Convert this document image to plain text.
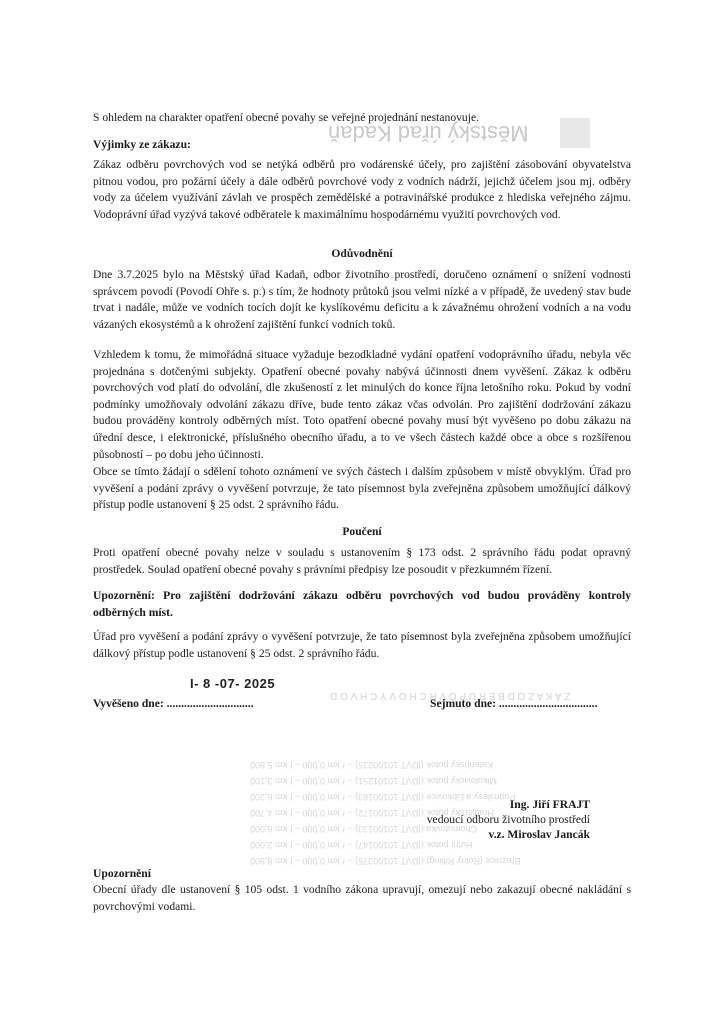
Městský úřad Kadaň
Z Á K A Z O D B Ě R U P O V R C H O V Ý C H V O D
Kateřinský potok (IDVT 10100235) – ř.km 0,000 – ř.km 5,800
Mikulovický potok (IDVT 10101251) – ř.km 0,000 – ř.km 3,100
Podmilesy a Libkovice (IDVT 10100163) – ř.km 0,000 – ř.km 6,200
Hradišťský potok (IDVT 10100172) – ř.km 0,000 – ř.km 4,700
Chomutovka (IDVT 10100133) – ř.km 0,000 – ř.km 6,000
Hutní potok (IDVT 10100147) – ř.km 0,000 – ř.km 2,000
Březnice (Rolný Rifling) (IDVT 10100375) – ř.km 0,000 – ř.km 8,800
S ohledem na charakter opatření obecné povahy se veřejné projednání nestanovuje.
Výjimky ze zákazu:
Zákaz odběru povrchových vod se netýká odběrů pro vodárenské účely, pro zajištění zásobování obyvatelstva pitnou vodou, pro požární účely a dále odběrů povrchové vody z vodních nádrží, jejichž účelem jsou mj. odběry vody za účelem využívání závlah ve prospěch zemědělské a potravinářské produkce z hlediska veřejného zájmu. Vodoprávní úřad vyzývá takové odběratele k maximálnímu hospodárnému využití povrchových vod.
Odůvodnění
Dne 3.7.2025 bylo na Městský úřad Kadaň, odbor životního prostředí, doručeno oznámení o snížení vodnosti správcem povodí (Povodí Ohře s. p.) s tím, že hodnoty průtoků jsou velmi nízké a v případě, že uvedený stav bude trvat i nadále, může ve vodních tocích dojít ke kyslíkovému deficitu a k závažnému ohrožení vodních a na vodu vázaných ekosystémů a k ohrožení zajištění funkcí vodních toků.
Vzhledem k tomu, že mimořádná situace vyžaduje bezodkladné vydání opatření vodoprávního úřadu, nebyla věc projednána s dotčenými subjekty. Opatření obecné povahy nabývá účinnosti dnem vyvěšení. Zákaz k odběru povrchových vod platí do odvolání, dle zkušeností z let minulých do konce října letošního roku. Pokud by vodní podmínky umožňovaly odvolání zákazu dříve, bude tento zákaz včas odvolán. Pro zajištění dodržování zákazu budou prováděny kontroly odběrných míst. Toto opatření obecné povahy musí být vyvěšeno po dobu zákazu na úřední desce, i elektronické, příslušného obecního úřadu, a to ve všech částech každé obce a obce s rozšířenou působností – po dobu jeho účinnosti.
Obce se tímto žádají o sdělení tohoto oznámení ve svých částech i dalším způsobem v místě obvyklým. Úřad pro vyvěšení a podání zprávy o vyvěšení potvrzuje, že tato písemnost byla zveřejněna způsobem umožňující dálkový přístup podle ustanovení § 25 odst. 2 správního řádu.
Poučení
Proti opatření obecné povahy nelze v souladu s ustanovením § 173 odst. 2 správního řádu podat opravný prostředek. Soulad opatření obecné povahy s právními předpisy lze posoudit v přezkumném řízení.
Upozornění: Pro zajištění dodržování zákazu odběru povrchových vod budou prováděny kontroly odběrných míst.
Úřad pro vyvěšení a podání zprávy o vyvěšení potvrzuje, že tato písemnost byla zveřejněna způsobem umožňující dálkový přístup podle ustanovení § 25 odst. 2 správního řádu.
I- 8 -07- 2025
Vyvěšeno dne: ..............................	Sejmuto dne: ..................................
Ing. Jiří FRAJT
vedoucí odboru životního prostředí
v.z. Miroslav Jancák
Upozornění
Obecní úřady dle ustanovení § 105 odst. 1 vodního zákona upravují, omezují nebo zakazují obecné nakládání s povrchovými vodami.
